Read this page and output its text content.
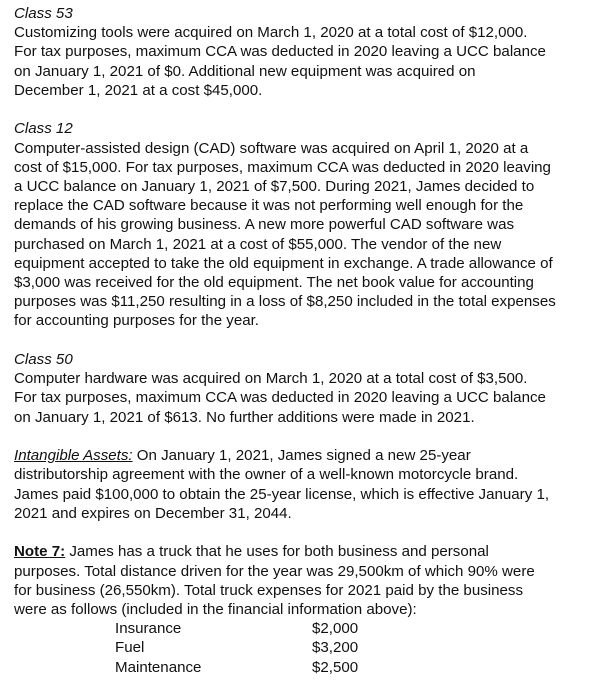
Class 53
Customizing tools were acquired on March 1, 2020 at a total cost of $12,000.
For tax purposes, maximum CCA was deducted in 2020 leaving a UCC balance
on January 1, 2021 of $0. Additional new equipment was acquired on
December 1, 2021 at a cost $45,000.
Class 12
Computer-assisted design (CAD) software was acquired on April 1, 2020 at a
cost of $15,000. For tax purposes, maximum CCA was deducted in 2020 leaving
a UCC balance on January 1, 2021 of $7,500. During 2021, James decided to
replace the CAD software because it was not performing well enough for the
demands of his growing business. A new more powerful CAD software was
purchased on March 1, 2021 at a cost of $55,000. The vendor of the new
equipment accepted to take the old equipment in exchange. A trade allowance of
$3,000 was received for the old equipment. The net book value for accounting
purposes was $11,250 resulting in a loss of $8,250 included in the total expenses
for accounting purposes for the year.
Class 50
Computer hardware was acquired on March 1, 2020 at a total cost of $3,500.
For tax purposes, maximum CCA was deducted in 2020 leaving a UCC balance
on January 1, 2021 of $613. No further additions were made in 2021.
Intangible Assets: On January 1, 2021, James signed a new 25-year
distributorship agreement with the owner of a well-known motorcycle brand.
James paid $100,000 to obtain the 25-year license, which is effective January 1,
2021 and expires on December 31, 2044.
Note 7: James has a truck that he uses for both business and personal
purposes. Total distance driven for the year was 29,500km of which 90% were
for business (26,550km). Total truck expenses for 2021 paid by the business
were as follows (included in the financial information above):
Insurance	$2,000
Fuel	$3,200
Maintenance	$2,500
